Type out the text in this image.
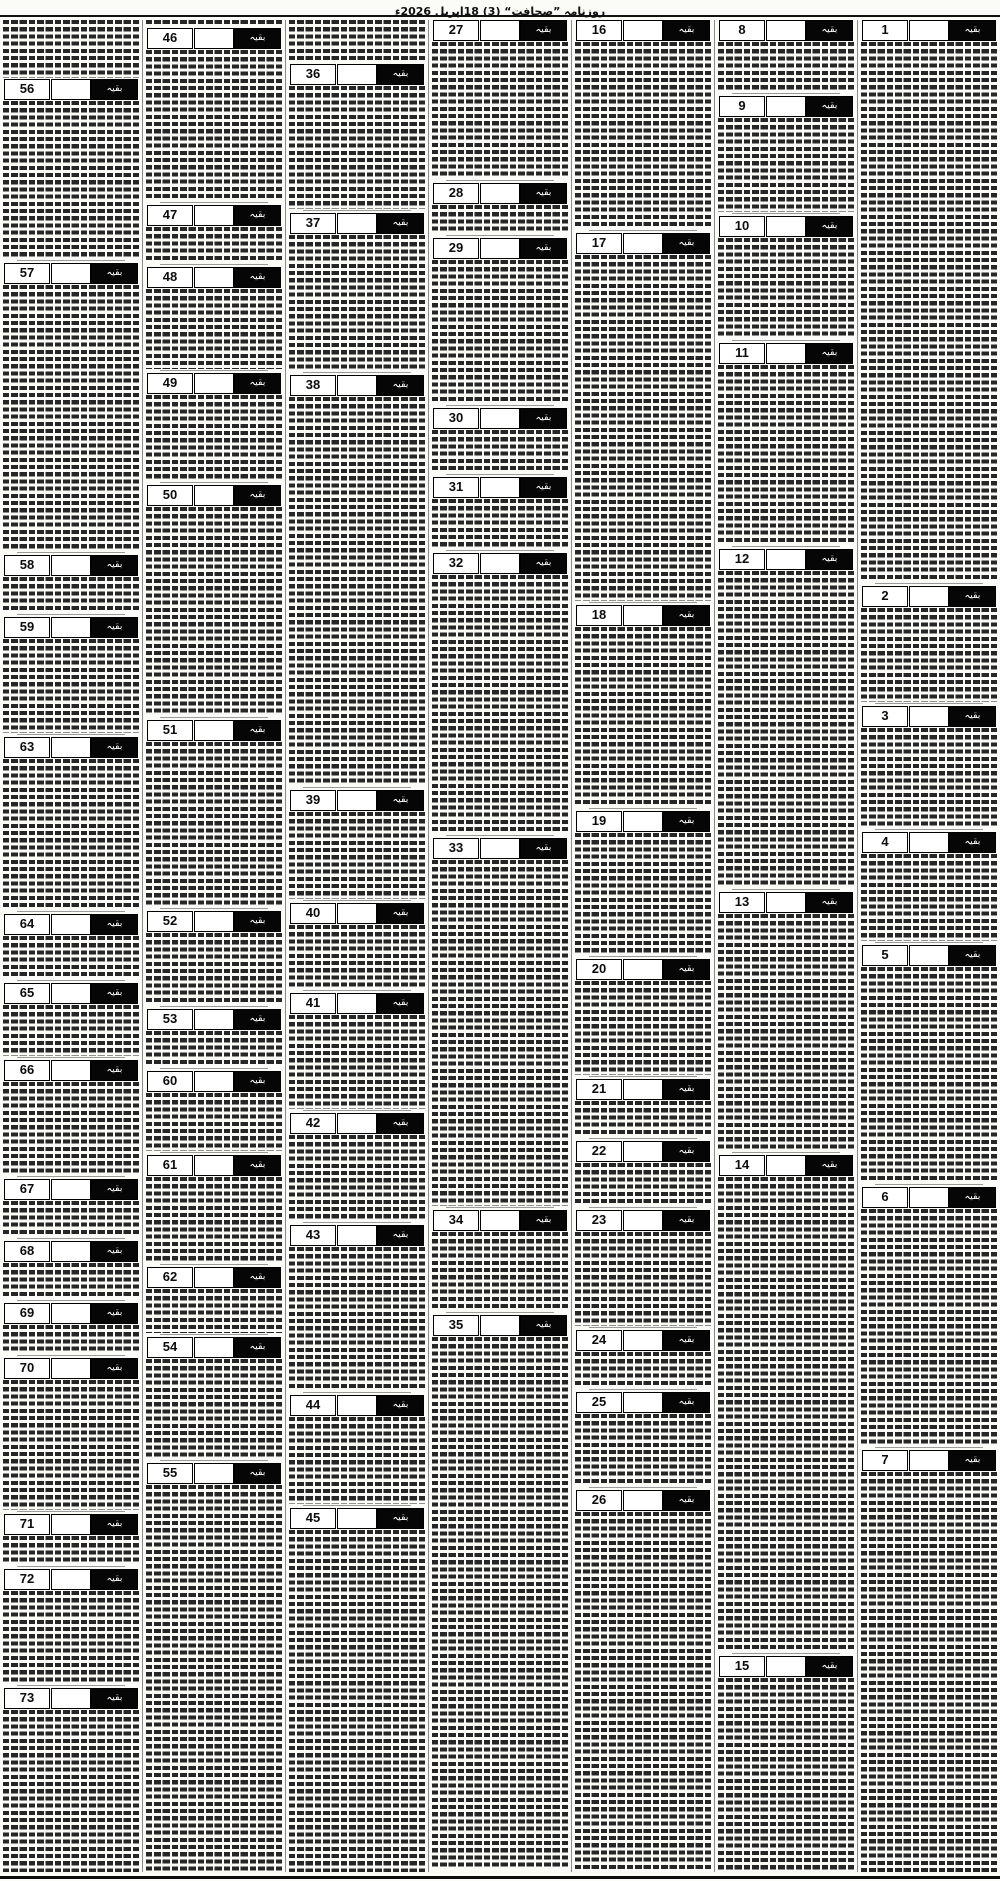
روزنامہ ”صحافت“ (3) 18اپریل 2026ء
بقیہ
1
بقیہ
2
بقیہ
3
بقیہ
4
بقیہ
5
بقیہ
6
بقیہ
7
بقیہ
8
بقیہ
9
بقیہ
10
بقیہ
11
بقیہ
12
بقیہ
13
بقیہ
14
بقیہ
15
بقیہ
16
بقیہ
17
بقیہ
18
بقیہ
19
بقیہ
20
بقیہ
21
بقیہ
22
بقیہ
23
بقیہ
24
بقیہ
25
بقیہ
26
بقیہ
27
بقیہ
28
بقیہ
29
بقیہ
30
بقیہ
31
بقیہ
32
بقیہ
33
بقیہ
34
بقیہ
35
بقیہ
36
بقیہ
37
بقیہ
38
بقیہ
39
بقیہ
40
بقیہ
41
بقیہ
42
بقیہ
43
بقیہ
44
بقیہ
45
بقیہ
46
بقیہ
47
بقیہ
48
بقیہ
49
بقیہ
50
بقیہ
51
بقیہ
52
بقیہ
53
بقیہ
60
بقیہ
61
بقیہ
62
بقیہ
54
بقیہ
55
بقیہ
56
بقیہ
57
بقیہ
58
بقیہ
59
بقیہ
63
بقیہ
64
بقیہ
65
بقیہ
66
بقیہ
67
بقیہ
68
بقیہ
69
بقیہ
70
بقیہ
71
بقیہ
72
بقیہ
73
